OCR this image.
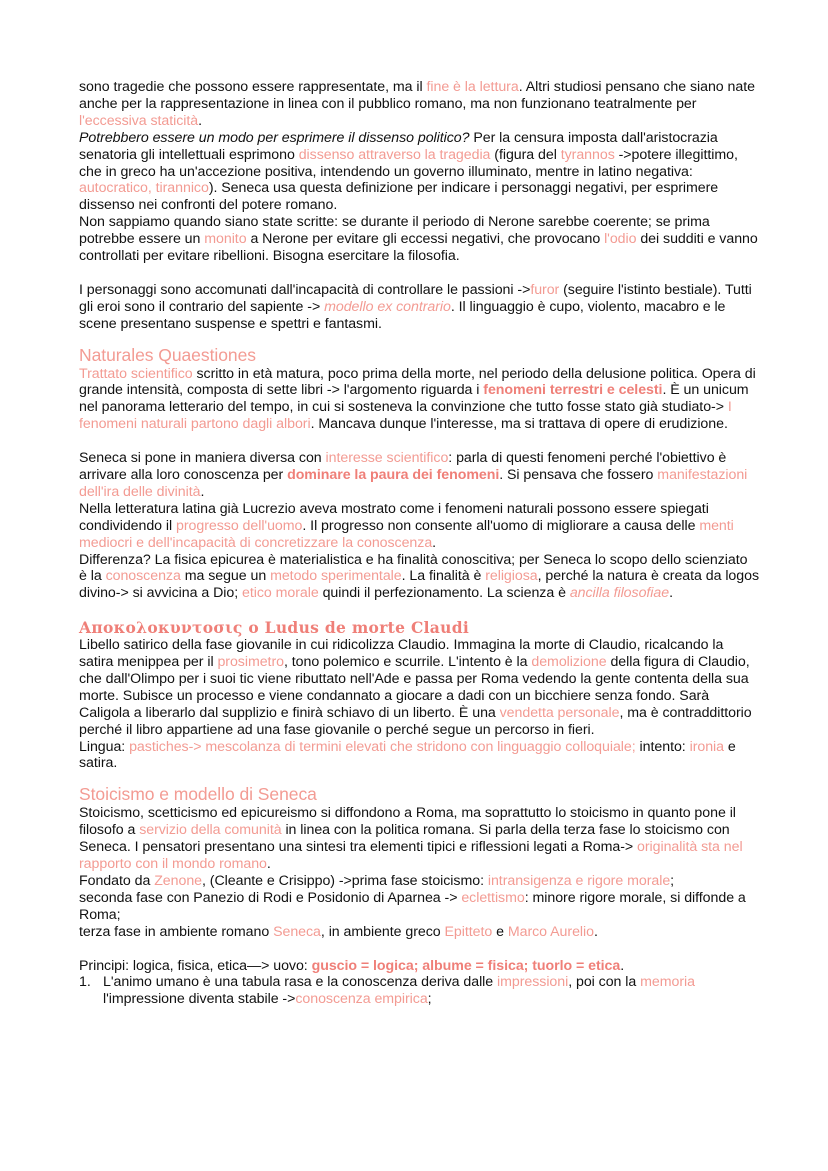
sono tragedie che possono essere rappresentate, ma il fine è la lettura. Altri studiosi pensano che siano nate anche per la rappresentazione in linea con il pubblico romano, ma non funzionano teatralmente per l'eccessiva staticità.

Potrebbero essere un modo per esprimere il dissenso politico? Per la censura imposta dall'aristocrazia senatoria gli intellettuali esprimono dissenso attraverso la tragedia (figura del tyrannos ->potere illegittimo, che in greco ha un'accezione positiva, intendendo un governo illuminato, mentre in latino negativa: autocratico, tirannico). Seneca usa questa definizione per indicare i personaggi negativi, per esprimere dissenso nei confronti del potere romano.

Non sappiamo quando siano state scritte: se durante il periodo di Nerone sarebbe coerente; se prima potrebbe essere un monito a Nerone per evitare gli eccessi negativi, che provocano l'odio dei sudditi e vanno controllati per evitare ribellioni. Bisogna esercitare la filosofia.

I personaggi sono accomunati dall'incapacità di controllare le passioni ->furor (seguire l'istinto bestiale). Tutti gli eroi sono il contrario del sapiente -> modello ex contrario. Il linguaggio è cupo, violento, macabro e le scene presentano suspense e spettri e fantasmi.

Naturales Quaestiones

Trattato scientifico scritto in età matura, poco prima della morte, nel periodo della delusione politica. Opera di grande intensità, composta di sette libri -> l'argomento riguarda i fenomeni terrestri e celesti. È un unicum nel panorama letterario del tempo, in cui si sosteneva la convinzione che tutto fosse stato già studiato-> I fenomeni naturali partono dagli albori. Mancava dunque l'interesse, ma si trattava di opere di erudizione.

Seneca si pone in maniera diversa con interesse scientifico: parla di questi fenomeni perché l'obiettivo è arrivare alla loro conoscenza per dominare la paura dei fenomeni. Si pensava che fossero manifestazioni dell'ira delle divinità.

Nella letteratura latina già Lucrezio aveva mostrato come i fenomeni naturali possono essere spiegati condividendo il progresso dell'uomo. Il progresso non consente all'uomo di migliorare a causa delle menti mediocri e dell'incapacità di concretizzare la conoscenza.

Differenza? La fisica epicurea è materialistica e ha finalità conoscitiva; per Seneca lo scopo dello scienziato è la conoscenza ma segue un metodo sperimentale. La finalità è religiosa, perché la natura è creata da logos divino-> si avvicina a Dio; etico morale quindi il perfezionamento. La scienza è ancilla filosofiae.

Αποκολοκυντοσις o Ludus de morte Claudi

Libello satirico della fase giovanile in cui ridicolizza Claudio. Immagina la morte di Claudio, ricalcando la satira menippea per il prosimetro, tono polemico e scurrile. L'intento è la demolizione della figura di Claudio, che dall'Olimpo per i suoi tic viene ributtato nell'Ade e passa per Roma vedendo la gente contenta della sua morte. Subisce un processo e viene condannato a giocare a dadi con un bicchiere senza fondo. Sarà Caligola a liberarlo dal supplizio e finirà schiavo di un liberto. È una vendetta personale, ma è contraddittorio perché il libro appartiene ad una fase giovanile o perché segue un percorso in fieri.

Lingua: pastiches-> mescolanza di termini elevati che stridono con linguaggio colloquiale; intento: ironia e satira.

Stoicismo e modello di Seneca

Stoicismo, scetticismo ed epicureismo si diffondono a Roma, ma soprattutto lo stoicismo in quanto pone il filosofo a servizio della comunità in linea con la politica romana. Si parla della terza fase lo stoicismo con Seneca. I pensatori presentano una sintesi tra elementi tipici e riflessioni legati a Roma-> originalità sta nel rapporto con il mondo romano.

Fondato da Zenone, (Cleante e Crisippo) ->prima fase stoicismo: intransigenza e rigore morale;

seconda fase con Panezio di Rodi e Posidonio di Aparnea -> eclettismo: minore rigore morale, si diffonde a Roma;

terza fase in ambiente romano Seneca, in ambiente greco Epitteto e Marco Aurelio.

Principi: logica, fisica, etica—> uovo: guscio = logica; albume = fisica; tuorlo = etica.

1. L'animo umano è una tabula rasa e la conoscenza deriva dalle impressioni, poi con la memoria l'impressione diventa stabile ->conoscenza empirica;
